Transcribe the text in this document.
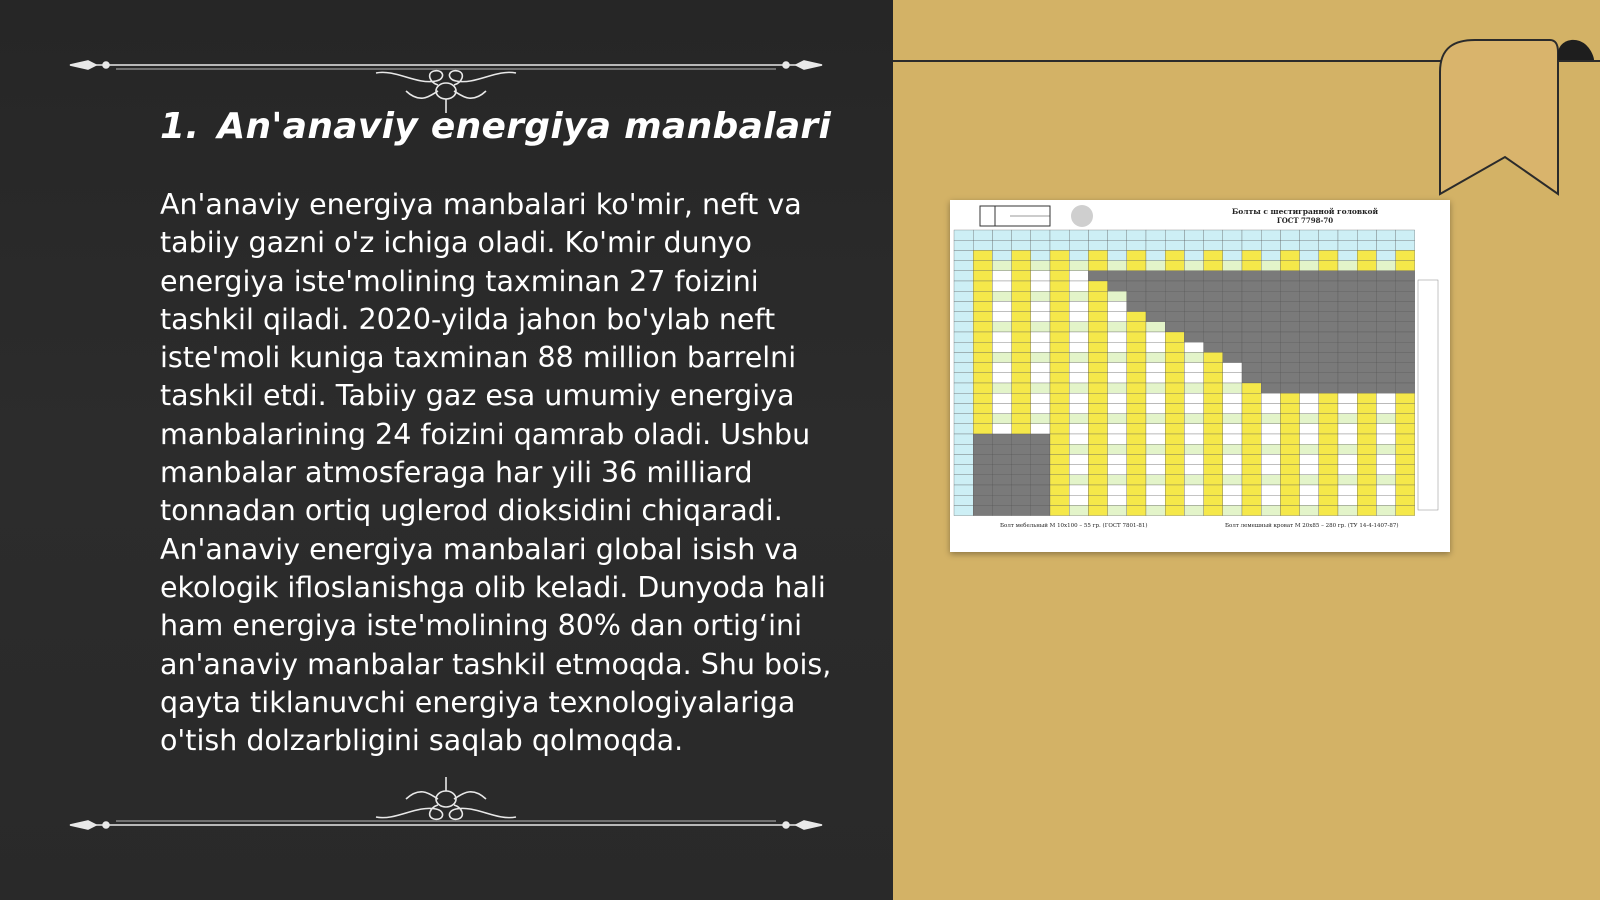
1. An'anaviy energiya manbalari

An'anaviy energiya manbalari ko'mir, neft va tabiiy gazni o'z ichiga oladi. Ko'mir dunyo energiya iste'molining taxminan 27 foizini tashkil qiladi. 2020-yilda jahon bo'ylab neft iste'moli kuniga taxminan 88 million barrelni tashkil etdi. Tabiiy gaz esa umumiy energiya manbalarining 24 foizini qamrab oladi. Ushbu manbalar atmosferaga har yili 36 milliard tonnadan ortiq uglerod dioksidini chiqaradi. An'anaviy energiya manbalari global isish va ekologik ifloslanishga olib keladi. Dunyoda hali ham energiya iste'molining 80% dan ortig‘ini an'anaviy manbalar tashkil etmoqda. Shu bois, qayta tiklanuvchi energiya texnologiyalariga o'tish dolzarbligini saqlab qolmoqda.

Болты с шестигранной головкой
ГОСТ 7798-70
Болт мебельный М 10х100 – 55 гр. (ГОСТ 7801-81)	Болт лемешный кроват М 20х85 – 280 гр. (ТУ 14-4-1407-87)
